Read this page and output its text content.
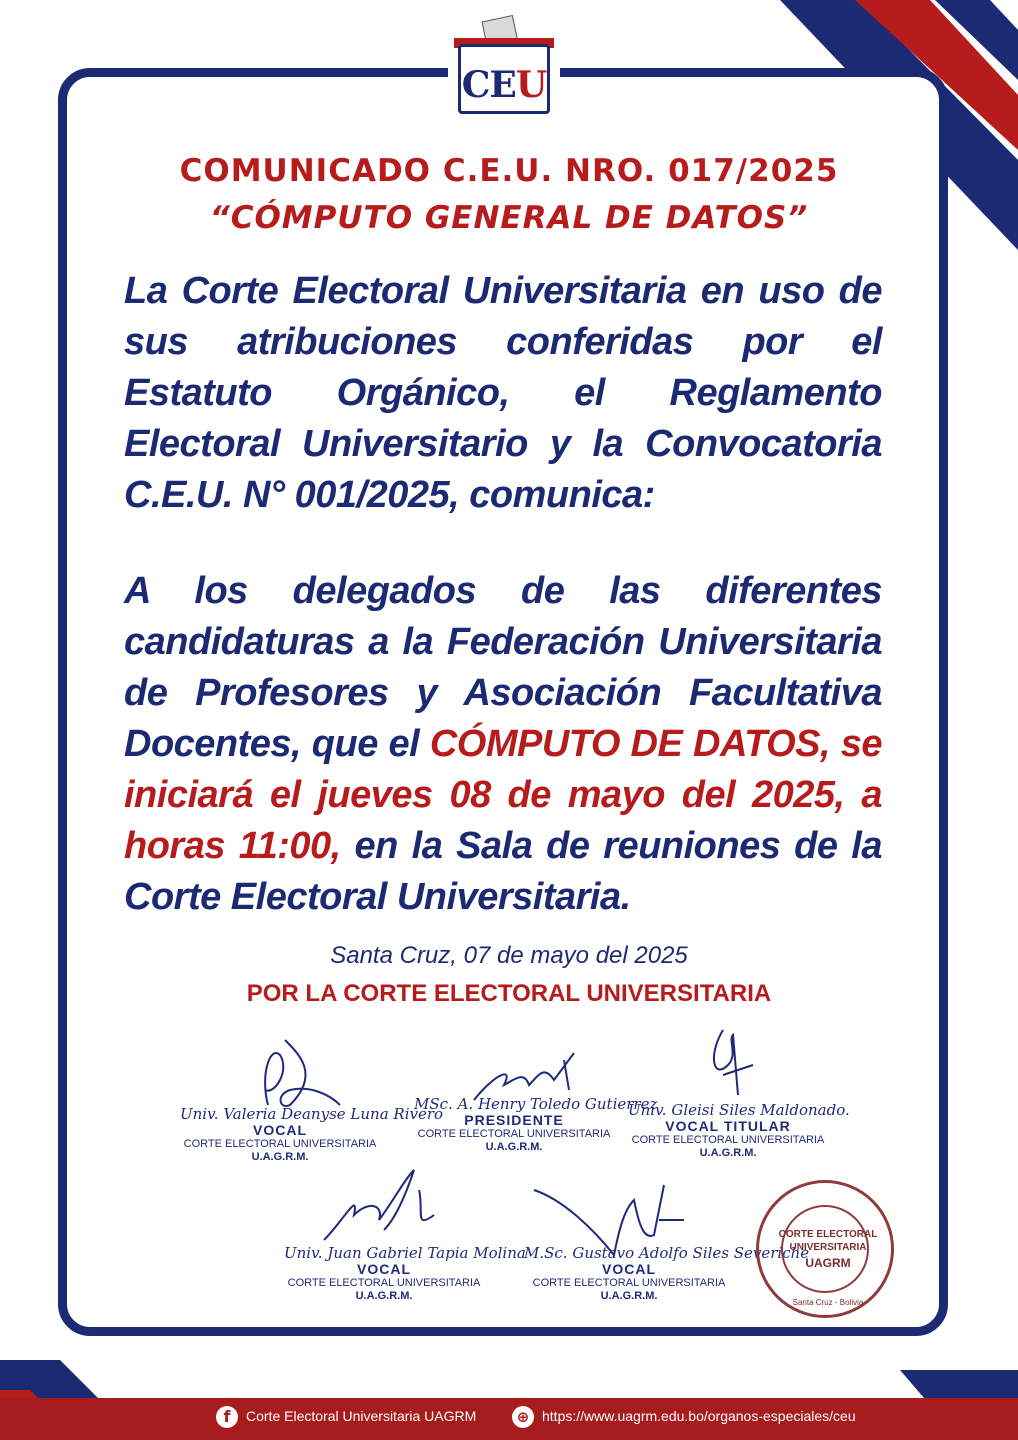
CEU
COMUNICADO C.E.U. NRO. 017/2025
“CÓMPUTO GENERAL DE DATOS”
La Corte Electoral Universitaria en uso de sus atribuciones conferidas por el Estatuto Orgánico, el Reglamento Electoral Universitario y la Convocatoria C.E.U. N° 001/2025, comunica:
A los delegados de las diferentes candidaturas a la Federación Universitaria de Profesores y Asociación Facultativa Docentes, que el CÓMPUTO DE DATOS, se iniciará el jueves 08 de mayo del 2025, a horas 11:00, en la Sala de reuniones de la Corte Electoral Universitaria.
Santa Cruz, 07 de mayo del 2025
POR LA CORTE ELECTORAL UNIVERSITARIA
Univ. Valeria Deanyse Luna Rivero
VOCAL
CORTE ELECTORAL UNIVERSITARIA
U.A.G.R.M.
MSc. A. Henry Toledo Gutierrez
PRESIDENTE
CORTE ELECTORAL UNIVERSITARIA
U.A.G.R.M.
Univ. Gleisi Siles Maldonado.
VOCAL TITULAR
CORTE ELECTORAL UNIVERSITARIA
U.A.G.R.M.
Univ. Juan Gabriel Tapia Molina
VOCAL
CORTE ELECTORAL UNIVERSITARIA
U.A.G.R.M.
M.Sc. Gustavo Adolfo Siles Severiche
VOCAL
CORTE ELECTORAL UNIVERSITARIA
U.A.G.R.M.
CORTE ELECTORAL
UNIVERSITARIA
UAGRM
Santa Cruz - Bolivia
f	Corte Electoral Universitaria UAGRM	⊕ https://www.uagrm.edu.bo/organos-especiales/ceu
